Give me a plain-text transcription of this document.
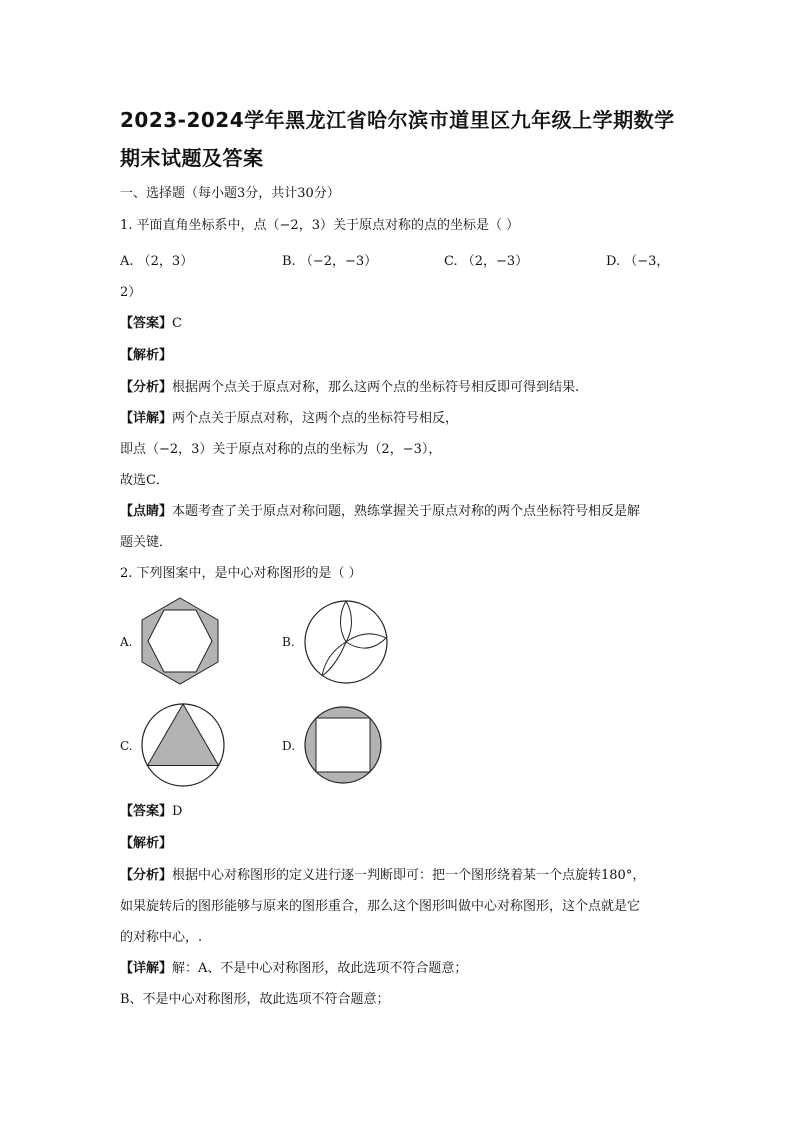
2023-2024学年黑龙江省哈尔滨市道里区九年级上学期数学
期末试题及答案
一、选择题（每小题3分，共计30分）
1. 平面直角坐标系中，点（−2，3）关于原点对称的点的坐标是（ ）
A. （2，3）	B. （−2，−3）	C. （2，−3）	D. （−3，
2）
【答案】C
【解析】
【分析】根据两个点关于原点对称，那么这两个点的坐标符号相反即可得到结果.
【详解】两个点关于原点对称，这两个点的坐标符号相反，
即点（−2，3）关于原点对称的点的坐标为（2，−3），
故选C．
【点睛】本题考查了关于原点对称问题，熟练掌握关于原点对称的两个点坐标符号相反是解
题关键．
2. 下列图案中，是中心对称图形的是（ ）
A.	B.
C.	D.
【答案】D
【解析】
【分析】根据中心对称图形的定义进行逐一判断即可：把一个图形绕着某一个点旋转180°，
如果旋转后的图形能够与原来的图形重合，那么这个图形叫做中心对称图形，这个点就是它
的对称中心，.
【详解】解：A、不是中心对称图形，故此选项不符合题意；
B、不是中心对称图形，故此选项不符合题意；
